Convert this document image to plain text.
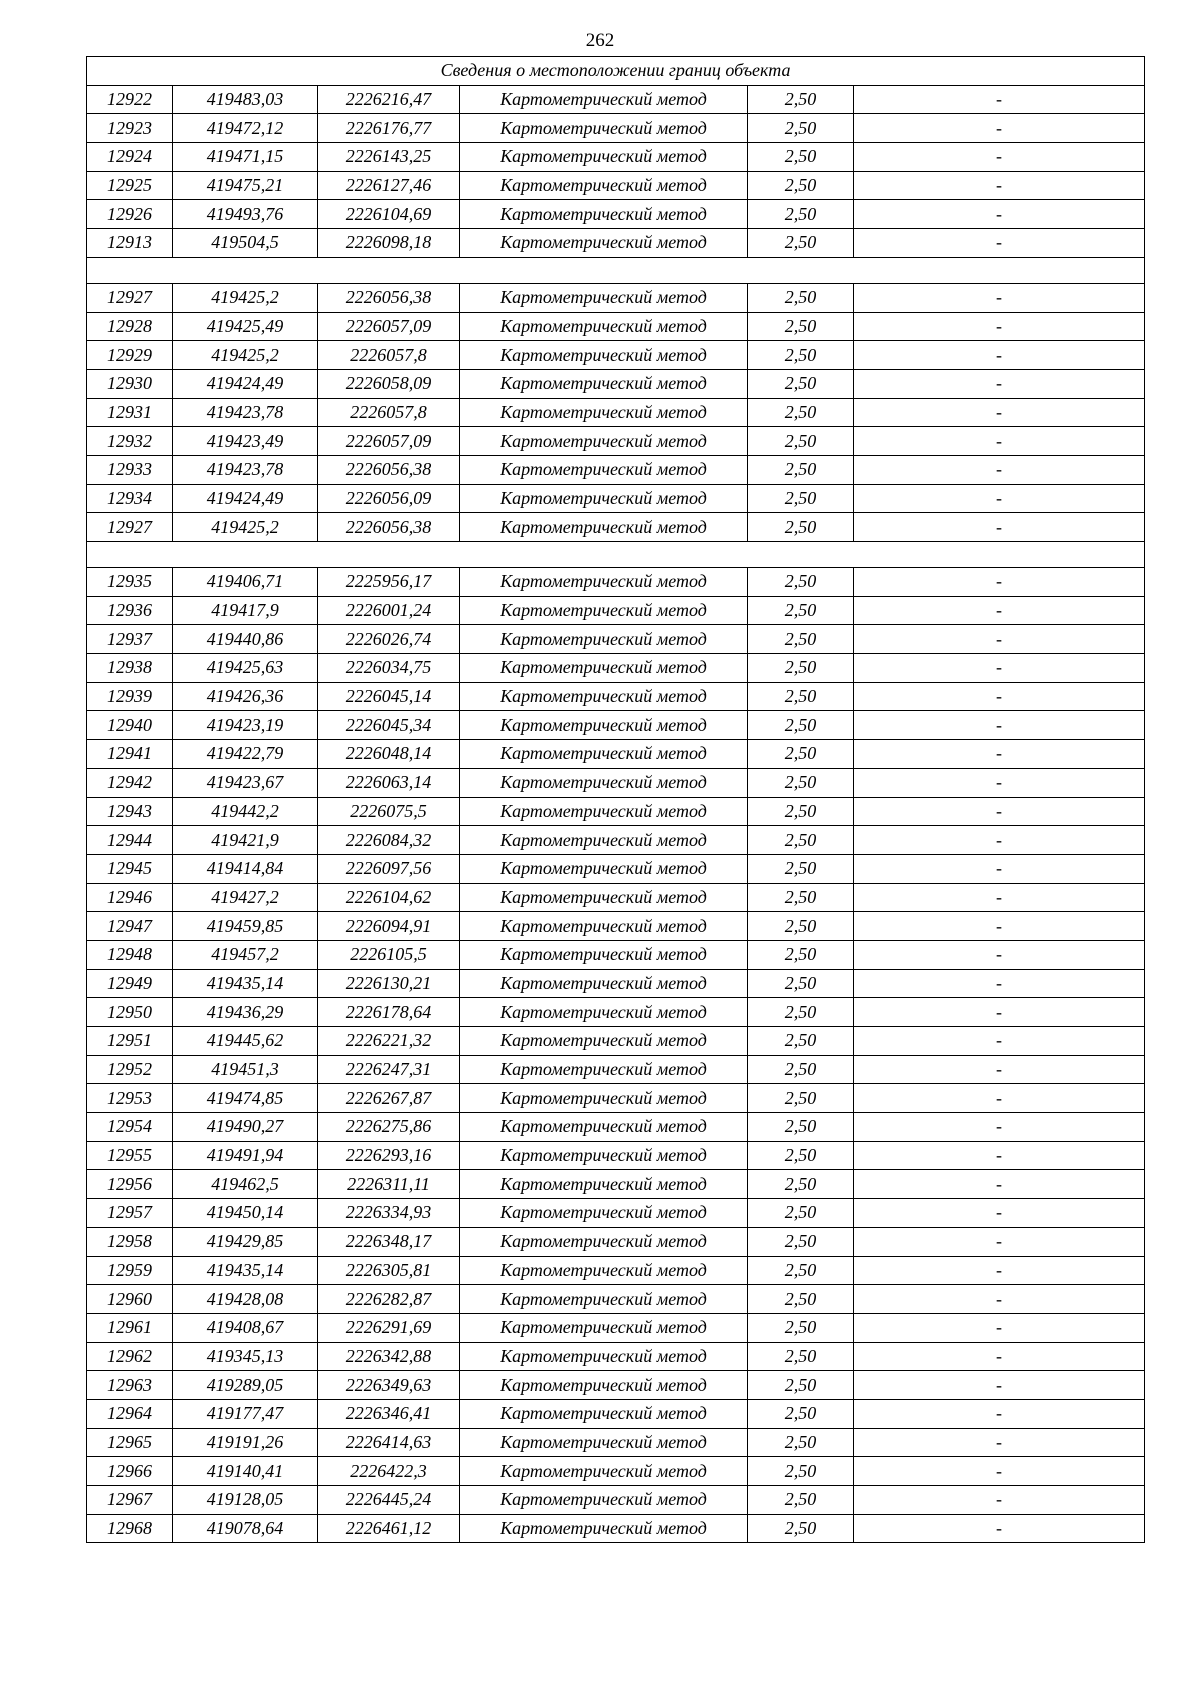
262
Сведения о местоположении границ объекта					
12922	419483,03	2226216,47	Картометрический метод	2,50	-
12923	419472,12	2226176,77	Картометрический метод	2,50	-
12924	419471,15	2226143,25	Картометрический метод	2,50	-
12925	419475,21	2226127,46	Картометрический метод	2,50	-
12926	419493,76	2226104,69	Картометрический метод	2,50	-
12913	419504,5	2226098,18	Картометрический метод	2,50	-

12927	419425,2	2226056,38	Картометрический метод	2,50	-
12928	419425,49	2226057,09	Картометрический метод	2,50	-
12929	419425,2	2226057,8	Картометрический метод	2,50	-
12930	419424,49	2226058,09	Картометрический метод	2,50	-
12931	419423,78	2226057,8	Картометрический метод	2,50	-
12932	419423,49	2226057,09	Картометрический метод	2,50	-
12933	419423,78	2226056,38	Картометрический метод	2,50	-
12934	419424,49	2226056,09	Картометрический метод	2,50	-
12927	419425,2	2226056,38	Картометрический метод	2,50	-

12935	419406,71	2225956,17	Картометрический метод	2,50	-
12936	419417,9	2226001,24	Картометрический метод	2,50	-
12937	419440,86	2226026,74	Картометрический метод	2,50	-
12938	419425,63	2226034,75	Картометрический метод	2,50	-
12939	419426,36	2226045,14	Картометрический метод	2,50	-
12940	419423,19	2226045,34	Картометрический метод	2,50	-
12941	419422,79	2226048,14	Картометрический метод	2,50	-
12942	419423,67	2226063,14	Картометрический метод	2,50	-
12943	419442,2	2226075,5	Картометрический метод	2,50	-
12944	419421,9	2226084,32	Картометрический метод	2,50	-
12945	419414,84	2226097,56	Картометрический метод	2,50	-
12946	419427,2	2226104,62	Картометрический метод	2,50	-
12947	419459,85	2226094,91	Картометрический метод	2,50	-
12948	419457,2	2226105,5	Картометрический метод	2,50	-
12949	419435,14	2226130,21	Картометрический метод	2,50	-
12950	419436,29	2226178,64	Картометрический метод	2,50	-
12951	419445,62	2226221,32	Картометрический метод	2,50	-
12952	419451,3	2226247,31	Картометрический метод	2,50	-
12953	419474,85	2226267,87	Картометрический метод	2,50	-
12954	419490,27	2226275,86	Картометрический метод	2,50	-
12955	419491,94	2226293,16	Картометрический метод	2,50	-
12956	419462,5	2226311,11	Картометрический метод	2,50	-
12957	419450,14	2226334,93	Картометрический метод	2,50	-
12958	419429,85	2226348,17	Картометрический метод	2,50	-
12959	419435,14	2226305,81	Картометрический метод	2,50	-
12960	419428,08	2226282,87	Картометрический метод	2,50	-
12961	419408,67	2226291,69	Картометрический метод	2,50	-
12962	419345,13	2226342,88	Картометрический метод	2,50	-
12963	419289,05	2226349,63	Картометрический метод	2,50	-
12964	419177,47	2226346,41	Картометрический метод	2,50	-
12965	419191,26	2226414,63	Картометрический метод	2,50	-
12966	419140,41	2226422,3	Картометрический метод	2,50	-
12967	419128,05	2226445,24	Картометрический метод	2,50	-
12968	419078,64	2226461,12	Картометрический метод	2,50	-
